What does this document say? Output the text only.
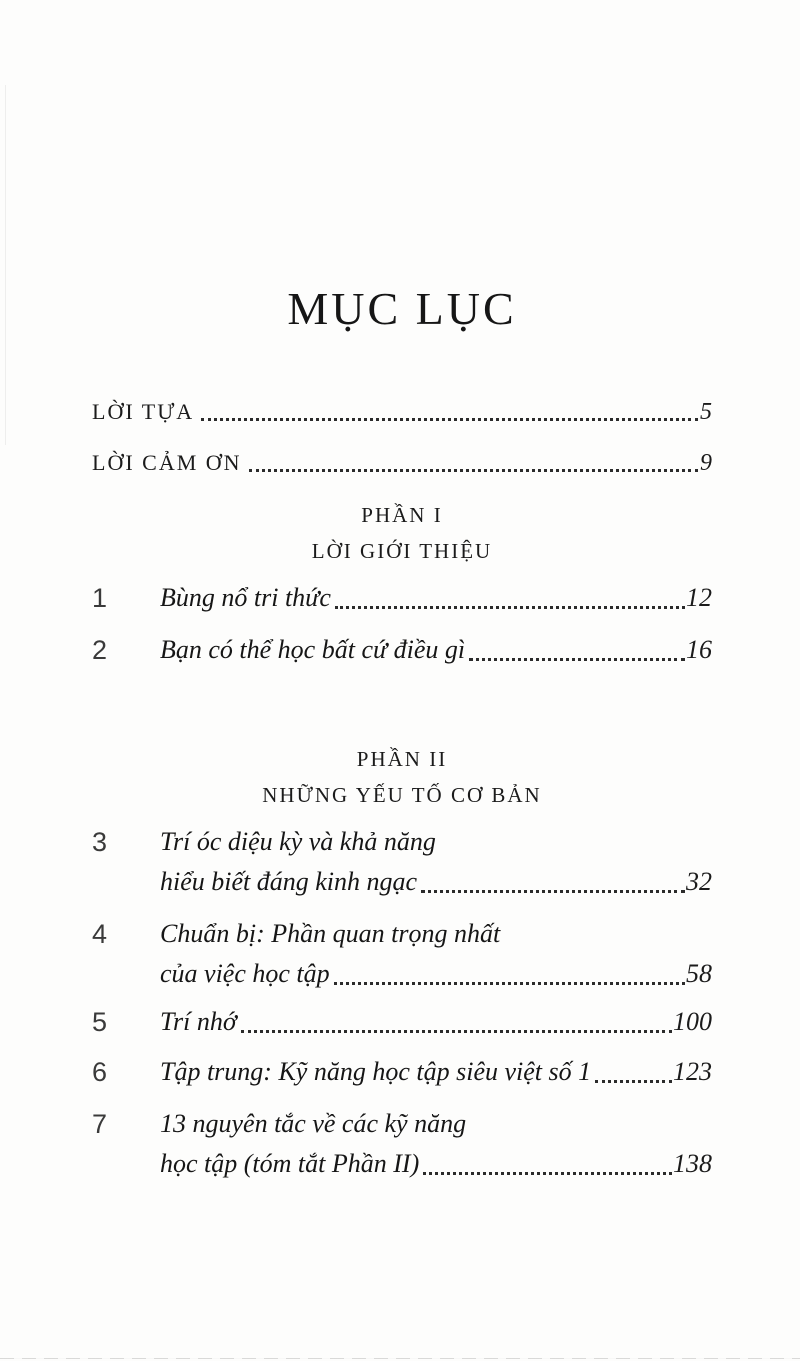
MỤC LỤC
LỜI TỰA	5
LỜI CẢM ƠN	9
PHẦN I
LỜI GIỚI THIỆU
1	Bùng nổ tri thức	12
2	Bạn có thể học bất cứ điều gì	16
PHẦN II
NHỮNG YẾU TỐ CƠ BẢN
3	Trí óc diệu kỳ và khả năng
hiểu biết đáng kinh ngạc	32
4	Chuẩn bị: Phần quan trọng nhất
của việc học tập	58
5	Trí nhớ	100
6	Tập trung: Kỹ năng học tập siêu việt số 1	123
7	13 nguyên tắc về các kỹ năng
học tập (tóm tắt Phần II)	138
